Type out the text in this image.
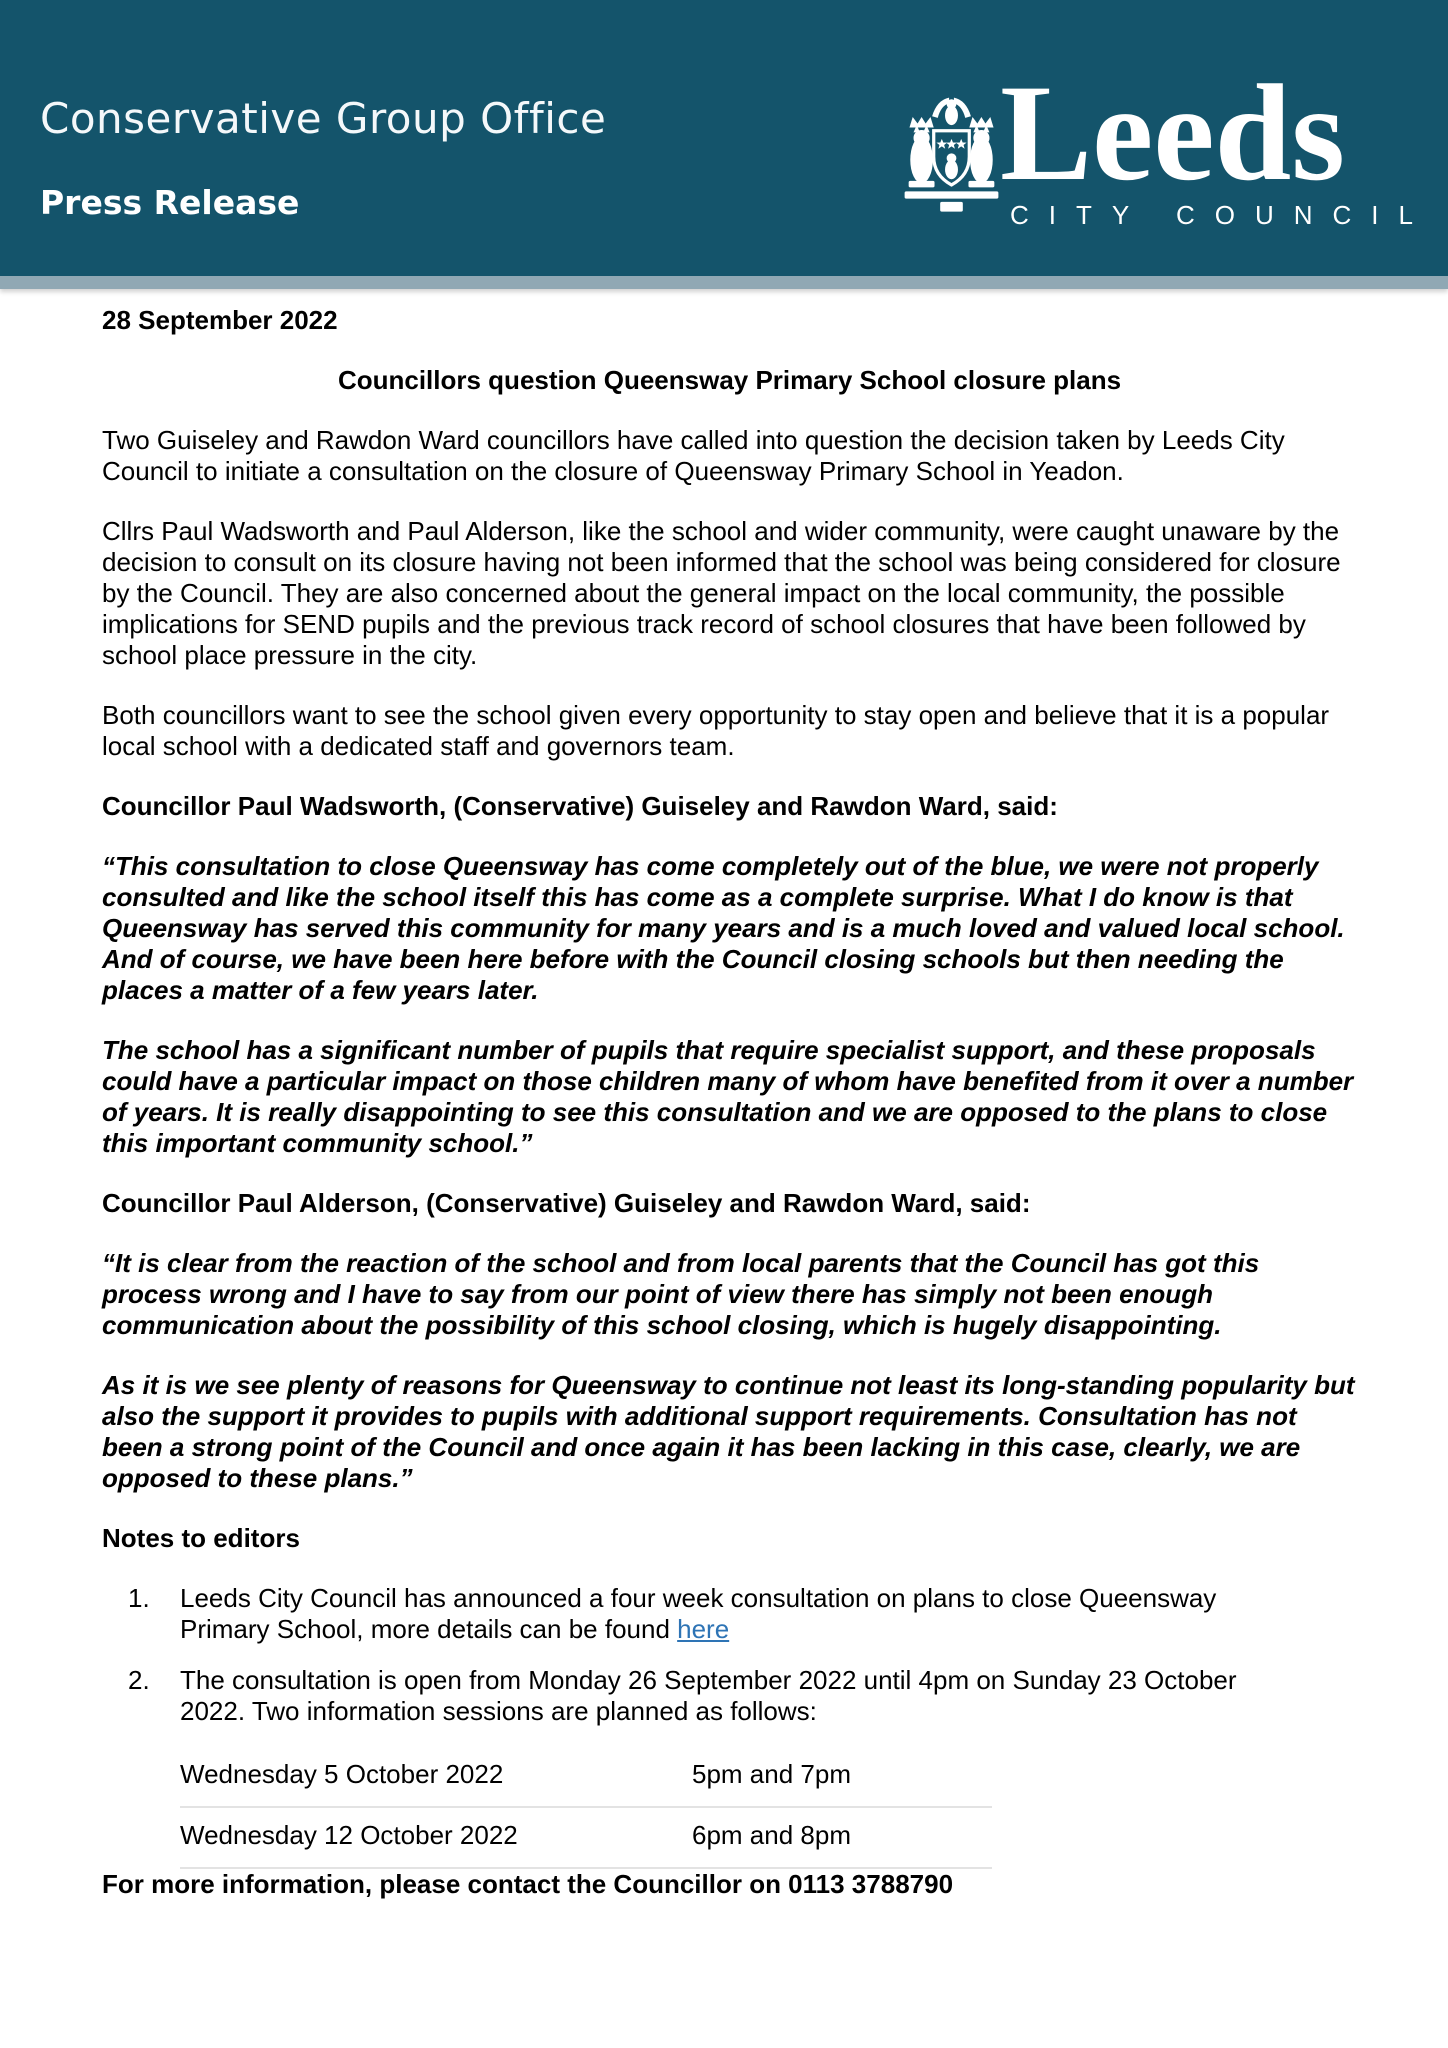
Conservative Group Office
Press Release	Leeds
CITY COUNCIL

28 September 2022

Councillors question Queensway Primary School closure plans

Two Guiseley and Rawdon Ward councillors have called into question the decision taken by Leeds City Council to initiate a consultation on the closure of Queensway Primary School in Yeadon.

Cllrs Paul Wadsworth and Paul Alderson, like the school and wider community, were caught unaware by the decision to consult on its closure having not been informed that the school was being considered for closure by the Council. They are also concerned about the general impact on the local community, the possible implications for SEND pupils and the previous track record of school closures that have been followed by school place pressure in the city.

Both councillors want to see the school given every opportunity to stay open and believe that it is a popular local school with a dedicated staff and governors team.

Councillor Paul Wadsworth, (Conservative) Guiseley and Rawdon Ward, said:

“This consultation to close Queensway has come completely out of the blue, we were not properly consulted and like the school itself this has come as a complete surprise. What I do know is that Queensway has served this community for many years and is a much loved and valued local school. And of course, we have been here before with the Council closing schools but then needing the places a matter of a few years later.

The school has a significant number of pupils that require specialist support, and these proposals could have a particular impact on those children many of whom have benefited from it over a number of years. It is really disappointing to see this consultation and we are opposed to the plans to close this important community school.”

Councillor Paul Alderson, (Conservative) Guiseley and Rawdon Ward, said:

“It is clear from the reaction of the school and from local parents that the Council has got this process wrong and I have to say from our point of view there has simply not been enough communication about the possibility of this school closing, which is hugely disappointing.

As it is we see plenty of reasons for Queensway to continue not least its long-standing popularity but also the support it provides to pupils with additional support requirements. Consultation has not been a strong point of the Council and once again it has been lacking in this case, clearly, we are opposed to these plans.”

Notes to editors

1.	Leeds City Council has announced a four week consultation on plans to close Queensway Primary School, more details can be found here
2.	The consultation is open from Monday 26 September 2022 until 4pm on Sunday 23 October 2022. Two information sessions are planned as follows:
Wednesday 5 October 2022	5pm and 7pm
Wednesday 12 October 2022	6pm and 8pm

For more information, please contact the Councillor on 0113 3788790
